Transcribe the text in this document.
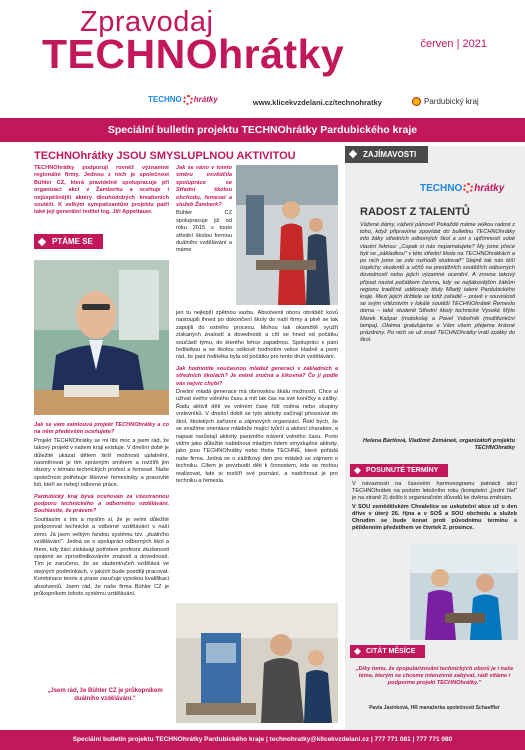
Zpravodaj
TECHNOhrátky	červen | 2021
TECHNO hrátky	www.klicekvzdelani.cz/technohratky	Pardubický kraj
Speciální bulletin projektu TECHNOhrátky Pardubického kraje
TECHNOhrátky JSOU SMYSLUPLNOU AKTIVITOU

TECHNOhrátky podporují rovněž významné regionální firmy. Jednou z nich je společnost Bühler CZ, která pravidelně spolupracuje při organizaci akcí v Žamberku a ocehuje i nejúspěšnější aktéry dlouhodobých kreativních soutěží. K velkým sympatizantům projektu patří také její generální ředitel Ing. Jiří Appeltauer.

PTÁME SE

Jak se vám zamlouvá projekt TECHNOhrátky a co na něm především oceňujete?

Projekt TECHNOhrátky se mi líbí moc a jsem rád, že takový projekt v našem kraji existuje. V dnešní době je důležité ukázat dětem širší možnosti uplatnění, nasměrovat je tím správným směrem a rozšířit jim obzory v tématu technických profesí a řemesel. Naše společnost potřebuje šikovné řemeslníky a pracovité lidi, kteří se nebojí odborné práce.

Pardubický kraj bývá oceňován za všestrannou podporu technického a odborného vzdělávání. Souhlasíte, že právem?

Souhlasím s tím a myslím si, že je velmi důležité podporovat technické a odborné vzdělávání v naší zemi. Já jsem velkým fandou systému tzv. „duálního vzdělávání". Jedná se o spolupráci odborných škol a firem, kdy žáci získávají potřebné profesní zkušenosti spojené se zprostředkováním znalostí a dovedností. Tím je zaručeno, že se student/učeň vzdělává ve stejných podmínkách, v jakých bude později pracovat. Kombinace teorie a praxe zaručuje vysokou kvalifikaci absolventů. Jsem rád, že naše firma Bühler CZ je průkopníkem tohoto systému vzdělávání.

„Jsem rád, že Bühler CZ je průkopníkem duálního vzdělávání."

Jak se váno v tomto směru osvědčila spolupráce se Střední školou obchodu, řemesel a služeb Žamberk?

Bühler CZ spolupracuje již od roku 2015 s touto střední školou formou duálního vzdělávání a máme

jen tu nejlepší zpětnou vazbu. Absolventi oboru obráběč kovů nastoupili ihned po dokončení školy do naší firmy a plně se tak zapojili do ostrého procesu. Mohou tak okamžitě využít získaných znalostí a dovedností a cítí se hned od počátku součástí týmu, do kterého lehce zapadnou. Spolupráci s paní ředitelkou a se školou celkově hodnotím velice kladně a jsem rád, že paní ředitelka byla od počátku pro tento druh vzdělávání.

Jak hodnotíte současnou mládež generaci v základních a středních školách? Je méně zručná a šikovná? Čo ji podle vás nejvíc chybí?

Dnešní mladá generace má obrovskou škálu možností. Chce si užívat svého volného času a mít tak čas na své koníčky a záliby. Řadu aktivit dětí ve volném čase řídí rodina nebo skupiny vrstevníků. V dnešní době se tyto aktivity začínají přesouvat do škol, školských zařízení a zájmových organizací. Řekl bych, že se snažíme orientace mládeže mající tvůrčí a aktivní charakter, a napsat narůstají aktivity pasivního trávení volného času. Proto vidím jako důležité nabídnout mladým lidem smysluplné aktivity, jako jsou TECHNOhrátky nebo třeba TECHNÉ, které pořádá naše firma. Jedná se o zážitkový den pro mládež se zájmem o techniku. Cílem je povzbudit děti k činnostem, kde se mohou realizovat, kde si rozšíří své poznání, a nadchnout je pro techniku a řemesla.

ZAJÍMAVOSTI
TECHNO hrátky
RADOST Z TALENTŮ
Vážené dámy, vážení pánové! Pokaždé máme velkou radost z toho, když připravíme zpovídat do bulletinu TECHNOhrátky info žáky středních odborných škol a oni s upřímností sobě vlastní řeknou: „Copak si nás nepamatujete? My jsme přece byli se „základkou" v této střední škole na TECHNOhrátkách a po nich jsme se zde rozhodli studovat!" Stejně tak nás těší úspěchy studentů a učňů na prestižních soutěžích odborných dovedností nebo jejich výzamné ocenění. A zrovna takový případ nastal počátkem června, kdy se nejlákovějším žákům regionu tradičně udělovaly tituly Mladý talent Pardubického kraje. Mezi jejich držitele se totiž zařadili – právě v souvislosti se svým vítězstvím v lokálé soutěži TECHNOhrátek Řemeslo doma – také studenti Střední školy technické Vysoké Mýto Marek Kašpar (motokola) a Pavel Vobořník (multifunkční lampa). Obéma gratulujeme a Vám všem přejeme krásné prázdniny. Po nich se už snad TECHNOhrátky vrátí zpátky do škol.
Helena Bártlová, Vladimír Zemánek, organizátoři projektu TECHNOhrátky
POSUNUTÉ TERMÍNY

V návaznosti na časovém harmonogramu patnácti akcí TECHNOhrátek na podzim letošního roku (kompletní „jízdní řád" je na straně 2) došlo k organizačním důvodů ke dvěma změnám.

V SOU zemědělském Chvaletice se uskuteční akce už o den dříve v úterý 26. října a v SOŠ a SOU obchodu a služeb Chrudim se bude konat proti původnímu termínu s pětidenním předstihem ve čtvrtek 2. prosince.

CITÁT MĚSÍCE
„Díky tomu, že zpopularizováni technických oborů je i naše téma, kterým se chceme intenzivně zabývat, rádi vítáme i podporme projekt TECHNOhrátky."
Pavla Jasínková, HR manažerka společnosti Schaeffler
Speciální bulletin projektu TECHNOhrátky Pardubického kraje | technohratky@klicekvzdelani.cz | 777 771 081 | 777 771 080
